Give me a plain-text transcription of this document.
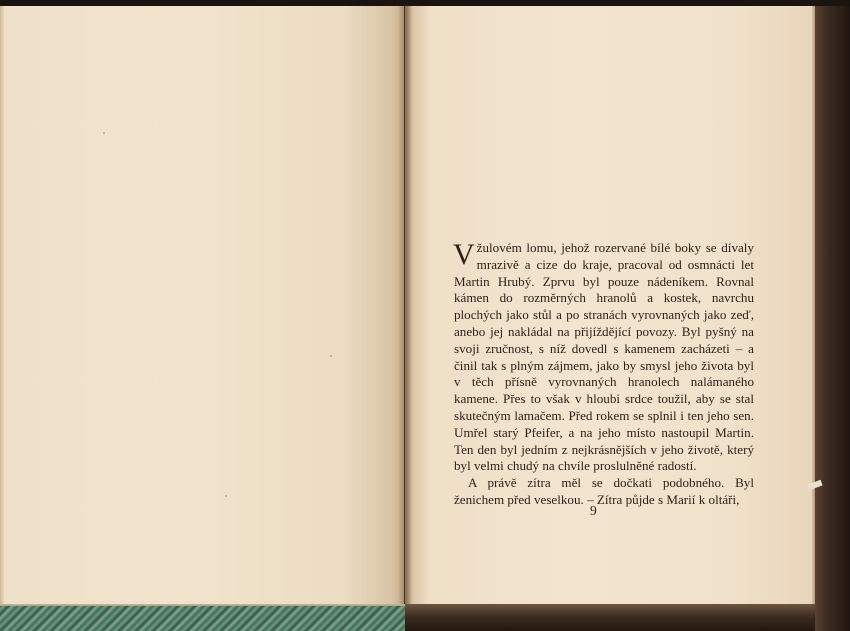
Vžulovém lomu, jehož rozervané bílé boky se dívaly mrazivě a cize do kraje, pracoval od osmnácti let Martin Hrubý. Zprvu byl pouze nádeníkem. Rovnal kámen do rozměrných hranolů a kostek, navrchu plochých jako stůl a po stranách vyrovnaných jako zeď, anebo jej nakládal na přijíždějící povozy. Byl pyšný na svoji zručnost, s níž dovedl s kamenem zacházeti – a činil tak s plným zájmem, jako by smysl jeho života byl v těch přísně vyrovnaných hranolech nalámaného kamene. Přes to však v hloubi srdce toužil, aby se stal skutečným lamačem. Před rokem se splnil i ten jeho sen. Umřel starý Pfeifer, a na jeho místo nastoupil Martin. Ten den byl jedním z nejkrásnějších v jeho životě, který byl velmi chudý na chvíle proslulněné radostí.

A právě zítra měl se dočkati podobného. Byl ženichem před veselkou. – Zítra půjde s Marií k oltáři,

9
